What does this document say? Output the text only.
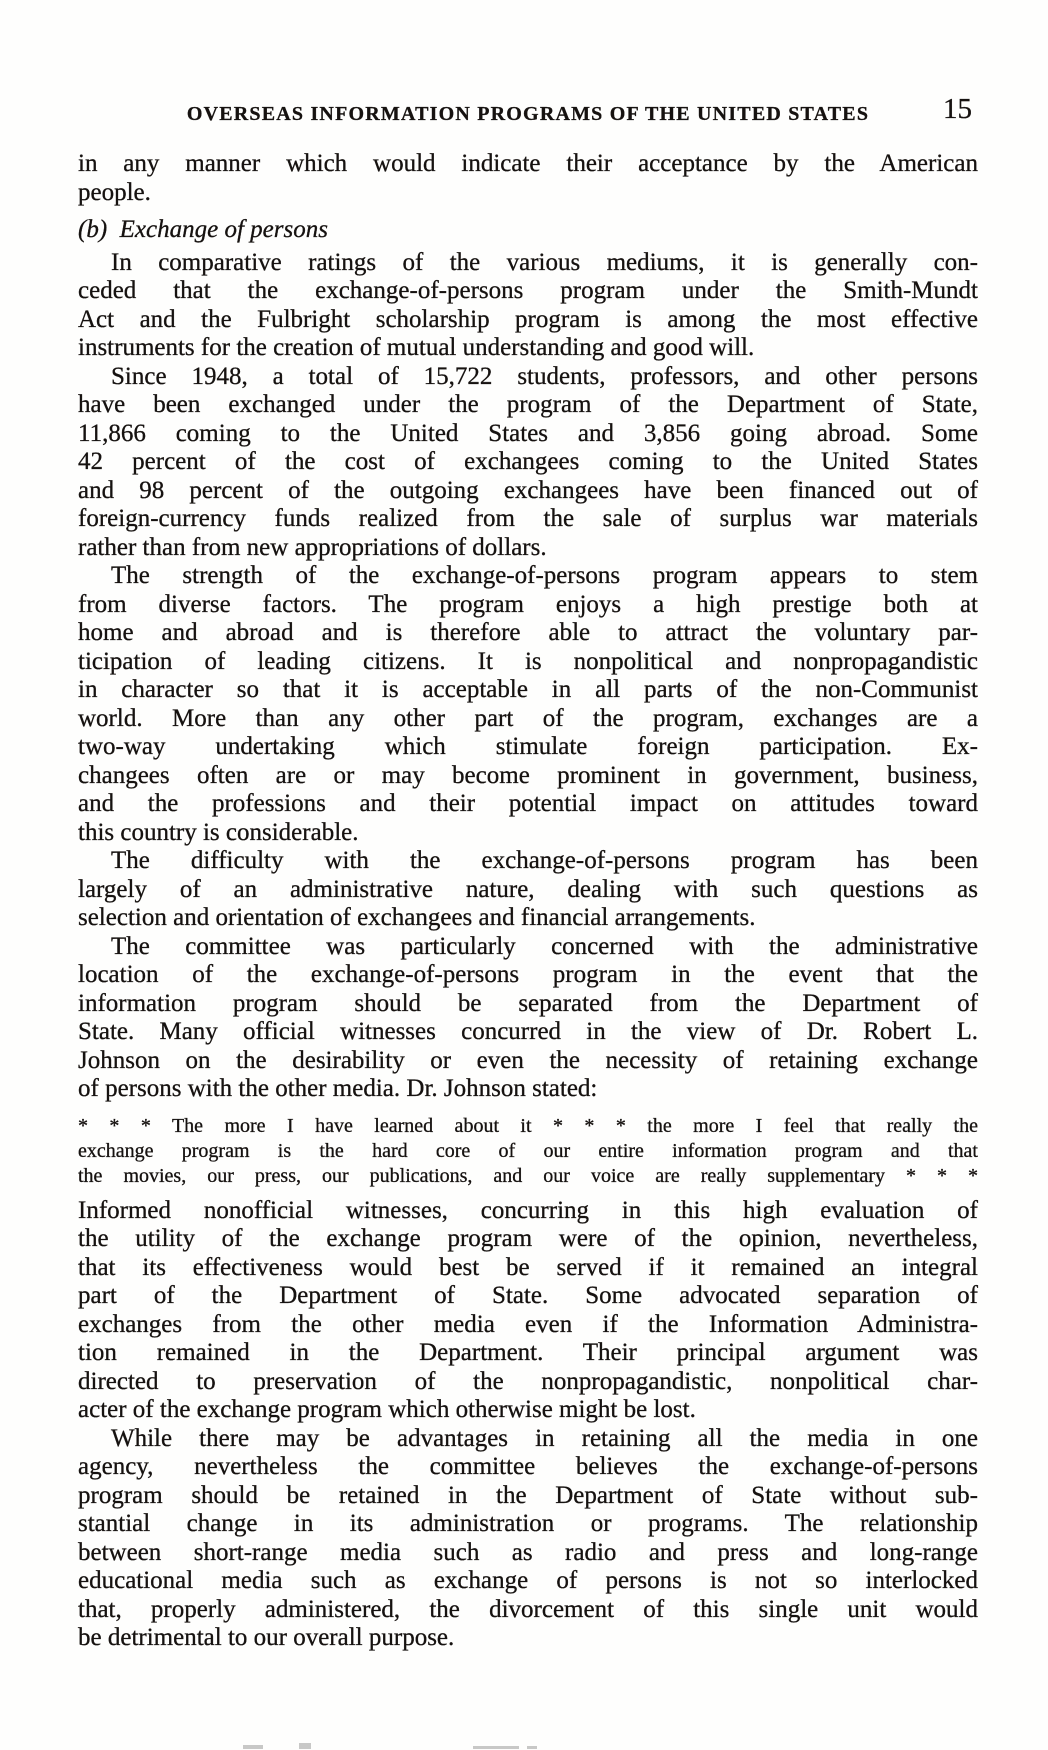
OVERSEAS INFORMATION PROGRAMS OF THE UNITED STATES	15
in any manner which would indicate their acceptance by the American
people.
(b) Exchange of persons
In comparative ratings of the various mediums, it is generally con-
ceded that the exchange-of-persons program under the Smith-Mundt
Act and the Fulbright scholarship program is among the most effective
instruments for the creation of mutual understanding and good will.
Since 1948, a total of 15,722 students, professors, and other persons
have been exchanged under the program of the Department of State,
11,866 coming to the United States and 3,856 going abroad. Some
42 percent of the cost of exchangees coming to the United States
and 98 percent of the outgoing exchangees have been financed out of
foreign-currency funds realized from the sale of surplus war materials
rather than from new appropriations of dollars.
The strength of the exchange-of-persons program appears to stem
from diverse factors. The program enjoys a high prestige both at
home and abroad and is therefore able to attract the voluntary par-
ticipation of leading citizens. It is nonpolitical and nonpropagandistic
in character so that it is acceptable in all parts of the non-Communist
world. More than any other part of the program, exchanges are a
two-way undertaking which stimulate foreign participation. Ex-
changees often are or may become prominent in government, business,
and the professions and their potential impact on attitudes toward
this country is considerable.
The difficulty with the exchange-of-persons program has been
largely of an administrative nature, dealing with such questions as
selection and orientation of exchangees and financial arrangements.
The committee was particularly concerned with the administrative
location of the exchange-of-persons program in the event that the
information program should be separated from the Department of
State. Many official witnesses concurred in the view of Dr. Robert L.
Johnson on the desirability or even the necessity of retaining exchange
of persons with the other media. Dr. Johnson stated:
* * * The more I have learned about it * * * the more I feel that really the
exchange program is the hard core of our entire information program and that
the movies, our press, our publications, and our voice are really supplementary * * *
Informed nonofficial witnesses, concurring in this high evaluation of
the utility of the exchange program were of the opinion, nevertheless,
that its effectiveness would best be served if it remained an integral
part of the Department of State. Some advocated separation of
exchanges from the other media even if the Information Administra-
tion remained in the Department. Their principal argument was
directed to preservation of the nonpropagandistic, nonpolitical char-
acter of the exchange program which otherwise might be lost.
While there may be advantages in retaining all the media in one
agency, nevertheless the committee believes the exchange-of-persons
program should be retained in the Department of State without sub-
stantial change in its administration or programs. The relationship
between short-range media such as radio and press and long-range
educational media such as exchange of persons is not so interlocked
that, properly administered, the divorcement of this single unit would
be detrimental to our overall purpose.
